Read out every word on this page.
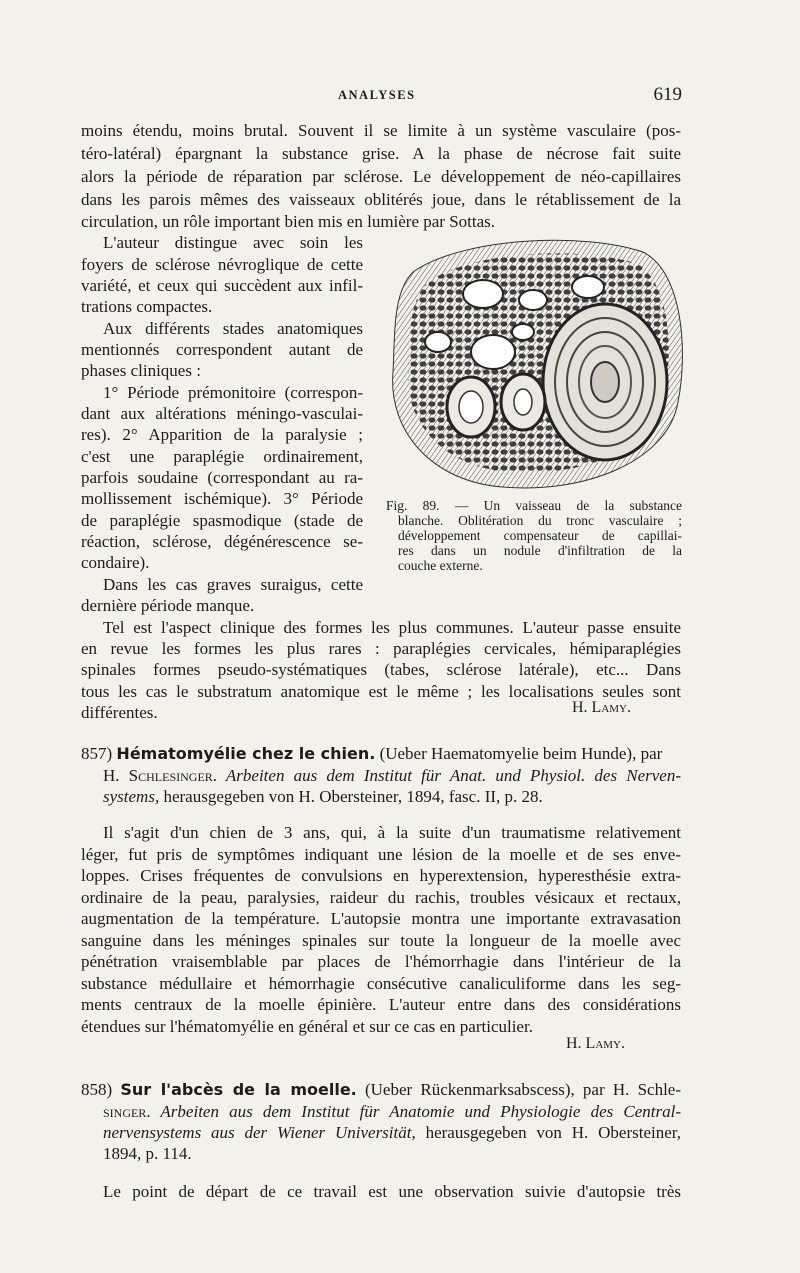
ANALYSES	619
moins étendu, moins brutal. Souvent il se limite à un système vasculaire (pos-
téro-latéral) épargnant la substance grise. A la phase de nécrose fait suite
alors la période de réparation par sclérose. Le développement de néo-capillaires
dans les parois mêmes des vaisseaux oblitérés joue, dans le rétablissement de la
circulation, un rôle important bien mis en lumière par Sottas.
L'auteur distingue avec soin les
foyers de sclérose névroglique de cette
variété, et ceux qui succèdent aux infil-
trations compactes.
Aux différents stades anatomiques
mentionnés correspondent autant de
phases cliniques :
1° Période prémonitoire (correspon-
dant aux altérations méningo-vasculai-
res). 2° Apparition de la paralysie ;
c'est une paraplégie ordinairement,
parfois soudaine (correspondant au ra-
mollissement ischémique). 3° Période
de paraplégie spasmodique (stade de
réaction, sclérose, dégénérescence se-
condaire).
Dans les cas graves suraigus, cette
Fig. 89. — Un vaisseau de la substance
blanche. Oblitération du tronc vasculaire ;
développement compensateur de capillai-
res dans un nodule d'infiltration de la
couche externe.
dernière période manque.
Tel est l'aspect clinique des formes les plus communes. L'auteur passe ensuite
en revue les formes les plus rares : paraplégies cervicales, hémiparaplégies
spinales formes pseudo-systématiques (tabes, sclérose latérale), etc... Dans
tous les cas le substratum anatomique est le même ; les localisations seules sont
différentes.	H. Lamy.
857) Hématomyélie chez le chien. (Ueber Haematomyelie beim Hunde), par
H. Schlesinger. Arbeiten aus dem Institut für Anat. und Physiol. des Nerven-
systems, herausgegeben von H. Obersteiner, 1894, fasc. II, p. 28.
Il s'agit d'un chien de 3 ans, qui, à la suite d'un traumatisme relativement
léger, fut pris de symptômes indiquant une lésion de la moelle et de ses enve-
loppes. Crises fréquentes de convulsions en hyperextension, hyperesthésie extra-
ordinaire de la peau, paralysies, raideur du rachis, troubles vésicaux et rectaux,
augmentation de la température. L'autopsie montra une importante extravasation
sanguine dans les méninges spinales sur toute la longueur de la moelle avec
pénétration vraisemblable par places de l'hémorrhagie dans l'intérieur de la
substance médullaire et hémorrhagie consécutive canaliculiforme dans les seg-
ments centraux de la moelle épinière. L'auteur entre dans des considérations
étendues sur l'hématomyélie en général et sur ce cas en particulier.
H. Lamy.
858) Sur l'abcès de la moelle. (Ueber Rückenmarksabscess), par H. Schle-
singer. Arbeiten aus dem Institut für Anatomie und Physiologie des Central-
nervensystems aus der Wiener Universität, herausgegeben von H. Obersteiner,
1894, p. 114.
Le point de départ de ce travail est une observation suivie d'autopsie très
